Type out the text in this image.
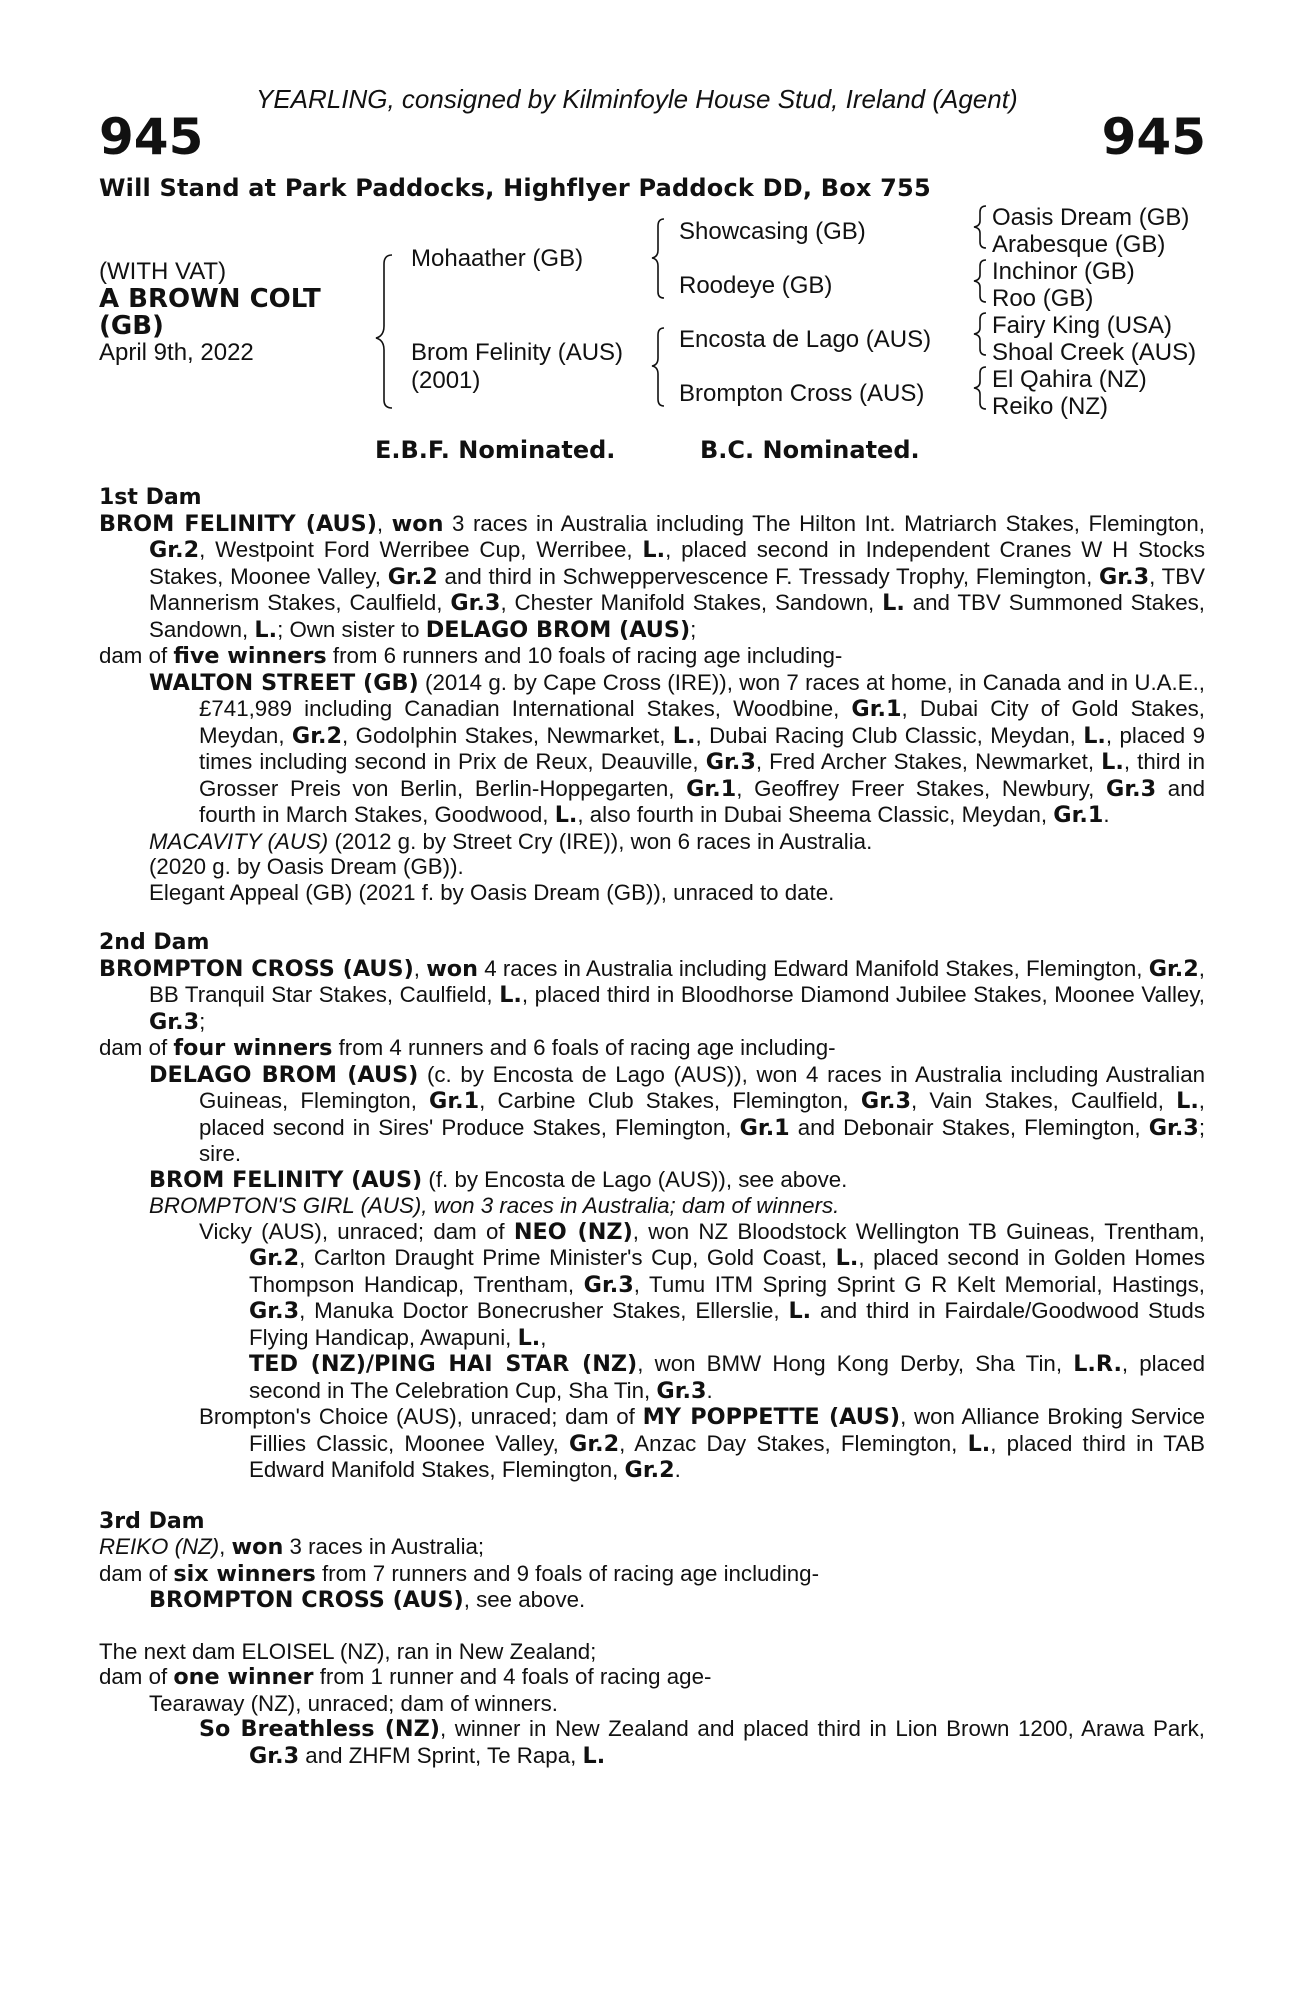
YEARLING, consigned by Kilminfoyle House Stud, Ireland (Agent)
945	945
Will Stand at Park Paddocks, Highflyer Paddock DD, Box 755
(WITH VAT)
A BROWN COLT
(GB)
April 9th, 2022
Mohaather (GB)
Brom Felinity (AUS)
(2001)
Showcasing (GB)
Roodeye (GB)
Encosta de Lago (AUS)
Brompton Cross (AUS)
Oasis Dream (GB)
Arabesque (GB)
Inchinor (GB)
Roo (GB)
Fairy King (USA)
Shoal Creek (AUS)
El Qahira (NZ)
Reiko (NZ)
E.B.F. Nominated.	B.C. Nominated.

1st Dam

BROM FELINITY (AUS), won 3 races in Australia including The Hilton Int. Matriarch Stakes, Flemington, Gr.2, Westpoint Ford Werribee Cup, Werribee, L., placed second in Independent Cranes W H Stocks Stakes, Moonee Valley, Gr.2 and third in Schweppervescence F. Tressady Trophy, Flemington, Gr.3, TBV Mannerism Stakes, Caulfield, Gr.3, Chester Manifold Stakes, Sandown, L. and TBV Summoned Stakes, Sandown, L.; Own sister to DELAGO BROM (AUS);

dam of five winners from 6 runners and 10 foals of racing age including-

WALTON STREET (GB) (2014 g. by Cape Cross (IRE)), won 7 races at home, in Canada and in U.A.E., £741,989 including Canadian International Stakes, Woodbine, Gr.1, Dubai City of Gold Stakes, Meydan, Gr.2, Godolphin Stakes, Newmarket, L., Dubai Racing Club Classic, Meydan, L., placed 9 times including second in Prix de Reux, Deauville, Gr.3, Fred Archer Stakes, Newmarket, L., third in Grosser Preis von Berlin, Berlin-Hoppegarten, Gr.1, Geoffrey Freer Stakes, Newbury, Gr.3 and fourth in March Stakes, Goodwood, L., also fourth in Dubai Sheema Classic, Meydan, Gr.1.

MACAVITY (AUS) (2012 g. by Street Cry (IRE)), won 6 races in Australia.

(2020 g. by Oasis Dream (GB)).

Elegant Appeal (GB) (2021 f. by Oasis Dream (GB)), unraced to date.

2nd Dam

BROMPTON CROSS (AUS), won 4 races in Australia including Edward Manifold Stakes, Flemington, Gr.2, BB Tranquil Star Stakes, Caulfield, L., placed third in Bloodhorse Diamond Jubilee Stakes, Moonee Valley, Gr.3;

dam of four winners from 4 runners and 6 foals of racing age including-

DELAGO BROM (AUS) (c. by Encosta de Lago (AUS)), won 4 races in Australia including Australian Guineas, Flemington, Gr.1, Carbine Club Stakes, Flemington, Gr.3, Vain Stakes, Caulfield, L., placed second in Sires' Produce Stakes, Flemington, Gr.1 and Debonair Stakes, Flemington, Gr.3; sire.

BROM FELINITY (AUS) (f. by Encosta de Lago (AUS)), see above.

BROMPTON'S GIRL (AUS), won 3 races in Australia; dam of winners.

Vicky (AUS), unraced; dam of NEO (NZ), won NZ Bloodstock Wellington TB Guineas, Trentham, Gr.2, Carlton Draught Prime Minister's Cup, Gold Coast, L., placed second in Golden Homes Thompson Handicap, Trentham, Gr.3, Tumu ITM Spring Sprint G R Kelt Memorial, Hastings, Gr.3, Manuka Doctor Bonecrusher Stakes, Ellerslie, L. and third in Fairdale/Goodwood Studs Flying Handicap, Awapuni, L.,
TED (NZ)/PING HAI STAR (NZ), won BMW Hong Kong Derby, Sha Tin, L.R., placed second in The Celebration Cup, Sha Tin, Gr.3.

Brompton's Choice (AUS), unraced; dam of MY POPPETTE (AUS), won Alliance Broking Service Fillies Classic, Moonee Valley, Gr.2, Anzac Day Stakes, Flemington, L., placed third in TAB Edward Manifold Stakes, Flemington, Gr.2.

3rd Dam

REIKO (NZ), won 3 races in Australia;

dam of six winners from 7 runners and 9 foals of racing age including-

BROMPTON CROSS (AUS), see above.

The next dam ELOISEL (NZ), ran in New Zealand;

dam of one winner from 1 runner and 4 foals of racing age-

Tearaway (NZ), unraced; dam of winners.

So Breathless (NZ), winner in New Zealand and placed third in Lion Brown 1200, Arawa Park, Gr.3 and ZHFM Sprint, Te Rapa, L.
